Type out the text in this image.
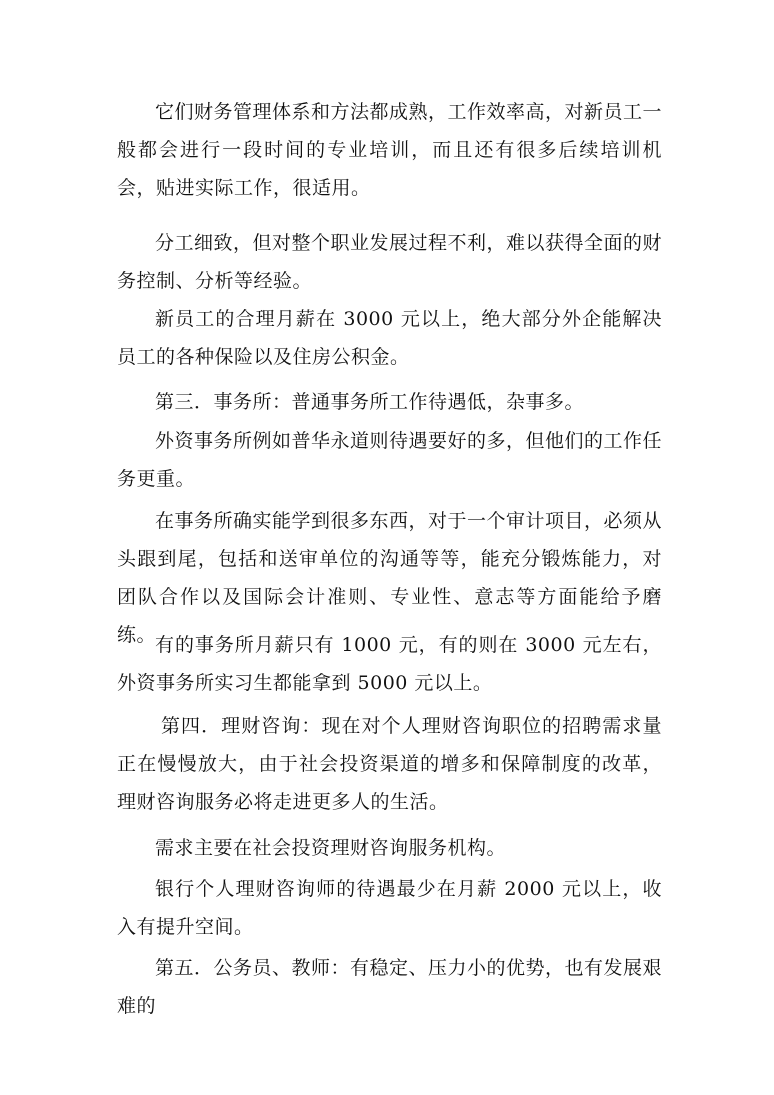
它们财务管理体系和方法都成熟，工作效率高，对新员工一般都会进行一段时间的专业培训，而且还有很多后续培训机会，贴进实际工作，很适用。

分工细致，但对整个职业发展过程不利，难以获得全面的财务控制、分析等经验。

新员工的合理月薪在 3000 元以上，绝大部分外企能解决员工的各种保险以及住房公积金。

第三．事务所：普通事务所工作待遇低，杂事多。

外资事务所例如普华永道则待遇要好的多，但他们的工作任务更重。

在事务所确实能学到很多东西，对于一个审计项目，必须从头跟到尾，包括和送审单位的沟通等等，能充分锻炼能力，对团队合作以及国际会计准则、专业性、意志等方面能给予磨练。

有的事务所月薪只有 1000 元，有的则在 3000 元左右，外资事务所实习生都能拿到 5000 元以上。

第四．理财咨询：现在对个人理财咨询职位的招聘需求量正在慢慢放大，由于社会投资渠道的增多和保障制度的改革，理财咨询服务必将走进更多人的生活。

需求主要在社会投资理财咨询服务机构。

银行个人理财咨询师的待遇最少在月薪 2000 元以上，收入有提升空间。

第五．公务员、教师：有稳定、压力小的优势，也有发展艰难的
